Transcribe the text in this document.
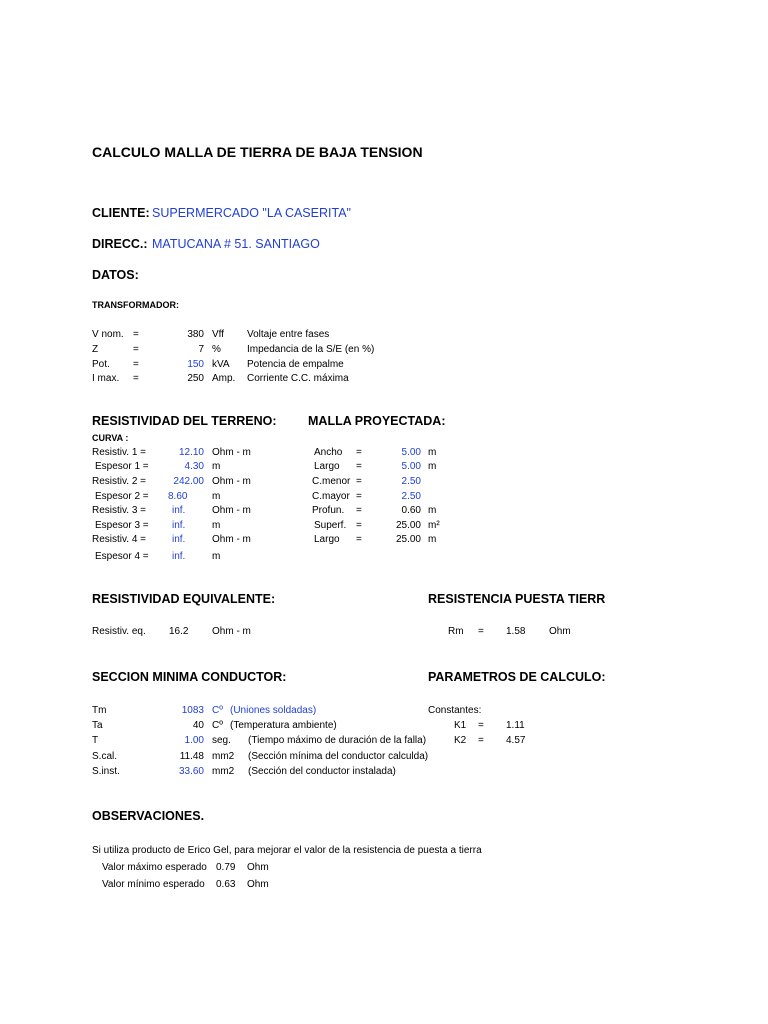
CALCULO MALLA DE TIERRA DE BAJA TENSION
CLIENTE: SUPERMERCADO "LA CASERITA"
DIRECC.: MATUCANA # 51. SANTIAGO
DATOS:
TRANSFORMADOR:
V nom. =	380 Vff Voltaje entre fases
Z	=	7 %	Impedancia de la S/E (en %)
Pot. =	150 kVA Potencia de empalme
I max. =	250 Amp. Corriente C.C. máxima
RESISTIVIDAD DEL TERRENO:
CURVA :
Resistiv. 1 =	12.10 Ohm - m
Espesor 1 =	4.30 m
Resistiv. 2 =	242.00 Ohm - m
Espesor 2 = 8.60 m
Resistiv. 3 =	inf.	Ohm - m
Espesor 3 = inf.	m
Resistiv. 4 =	inf.	Ohm - m
Espesor 4 = inf.	m
MALLA PROYECTADA:
Ancho =	5.00 m
Largo =	5.00 m
C.menor =	2.50
C.mayor =	2.50
Profun. =	0.60 m
Superf. =	25.00 m²
Largo =	25.00 m
RESISTIVIDAD EQUIVALENTE:
Resistiv. eq. 16.2 Ohm - m
RESISTENCIA PUESTA TIERR
Rm = 1.58 Ohm
SECCION MINIMA CONDUCTOR:
Tm	1083 Cº (Uniones soldadas)
Ta	40 Cº (Temperatura ambiente)
T	1.00 seg. (Tiempo máximo de duración de la falla)
S.cal.	11.48 mm2 (Sección mínima del conductor calculda)
S.inst.	33.60 mm2 (Sección del conductor instalada)
PARAMETROS DE CALCULO:
Constantes:
K1 = 1.11
K2 = 4.57
OBSERVACIONES.
Si utiliza producto de Erico Gel, para mejorar el valor de la resistencia de puesta a tierra
Valor máximo esperado 0.79 Ohm
Valor mínimo esperado 0.63 Ohm
